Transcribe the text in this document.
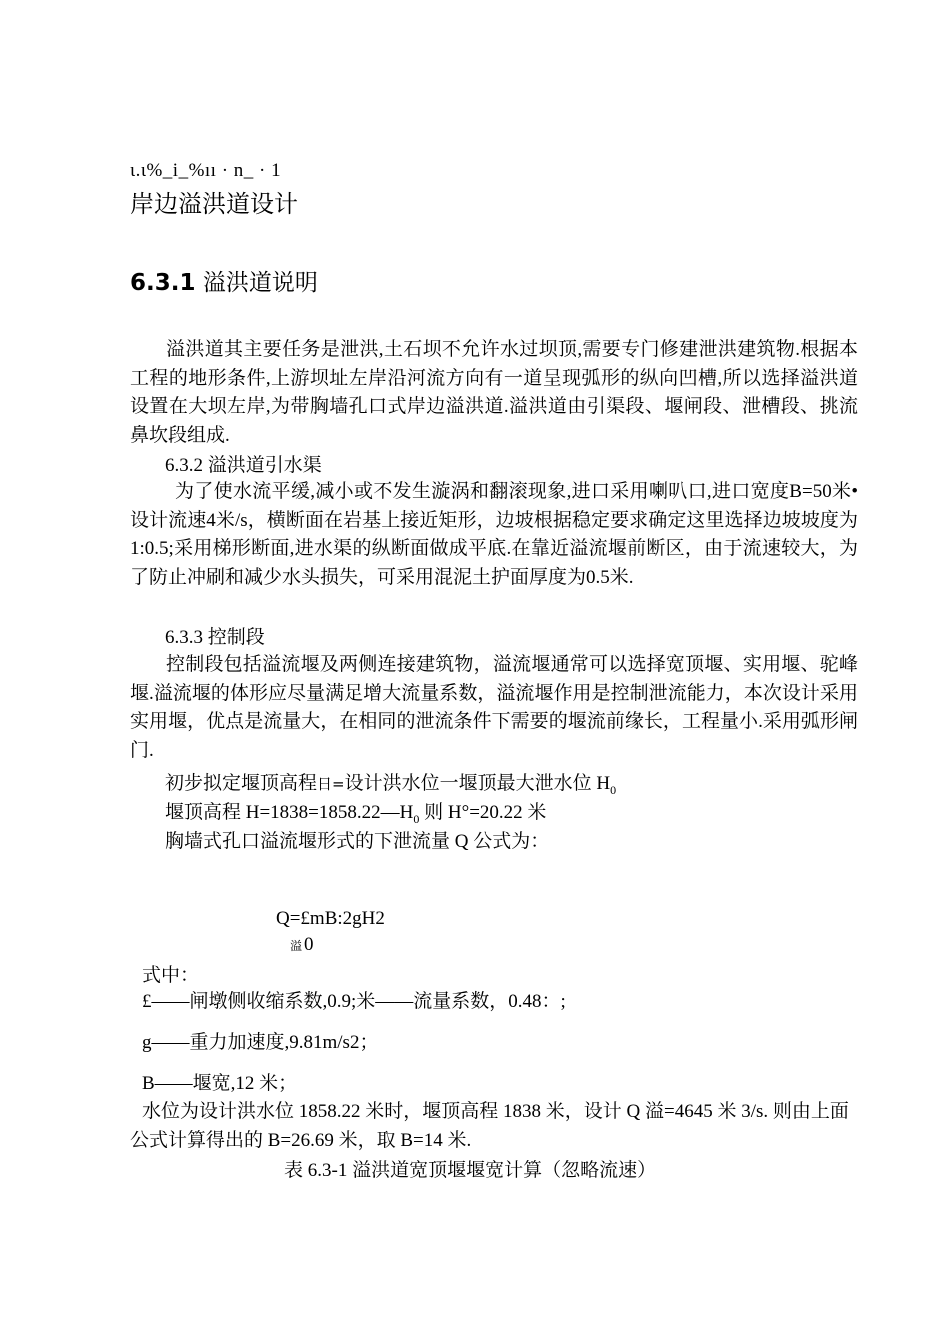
ɩ.ɩ%_i_%ıı · n_ · 1
岸边溢洪道设计
6.3.1 溢洪道说明
溢洪道其主要任务是泄洪,土石坝不允许水过坝顶,需要专门修建泄洪建筑物.根据本工程的地形条件,上游坝址左岸沿河流方向有一道呈现弧形的纵向凹槽,所以选择溢洪道设置在大坝左岸,为带胸墙孔口式岸边溢洪道.溢洪道由引渠段、堰闸段、泄槽段、挑流鼻坎段组成.
6.3.2 溢洪道引水渠
为了使水流平缓,减小或不发生漩涡和翻滚现象,进口采用喇叭口,进口宽度B=50米•设计流速4米/s，横断面在岩基上接近矩形，边坡根据稳定要求确定这里选择边坡坡度为1:0.5;采用梯形断面,进水渠的纵断面做成平底.在靠近溢流堰前断区，由于流速较大，为了防止冲刷和减少水头损失，可采用混泥土护面厚度为0.5米.
6.3.3 控制段
控制段包括溢流堰及两侧连接建筑物，溢流堰通常可以选择宽顶堰、实用堰、驼峰堰.溢流堰的体形应尽量满足增大流量系数，溢流堰作用是控制泄流能力，本次设计采用实用堰，优点是流量大，在相同的泄流条件下需要的堰流前缘长，工程量小.采用弧形闸门.
初步拟定堰顶高程⽇=设计洪水位一堰顶最大泄水位 $H_0$
堰顶高程 $H=1838=1858.22—H_0$ 则 H°=20.22 米
胸墙式孔口溢流堰形式的下泄流量 Q 公式为：
Q=£mB:2gH2
溢 0
式中：
£——闸墩侧收缩系数,0.9;米——流量系数，0.48：;
g——重力加速度,9.81m/s2；
B——堰宽,12 米；
水位为设计洪水位 1858.22 米时，堰顶高程 1838 米，设计 Q 溢=4645 米 3/s. 则由上面公式计算得出的 B=26.69 米，取 B=14 米.
表 6.3-1 溢洪道宽顶堰堰宽计算（忽略流速）
